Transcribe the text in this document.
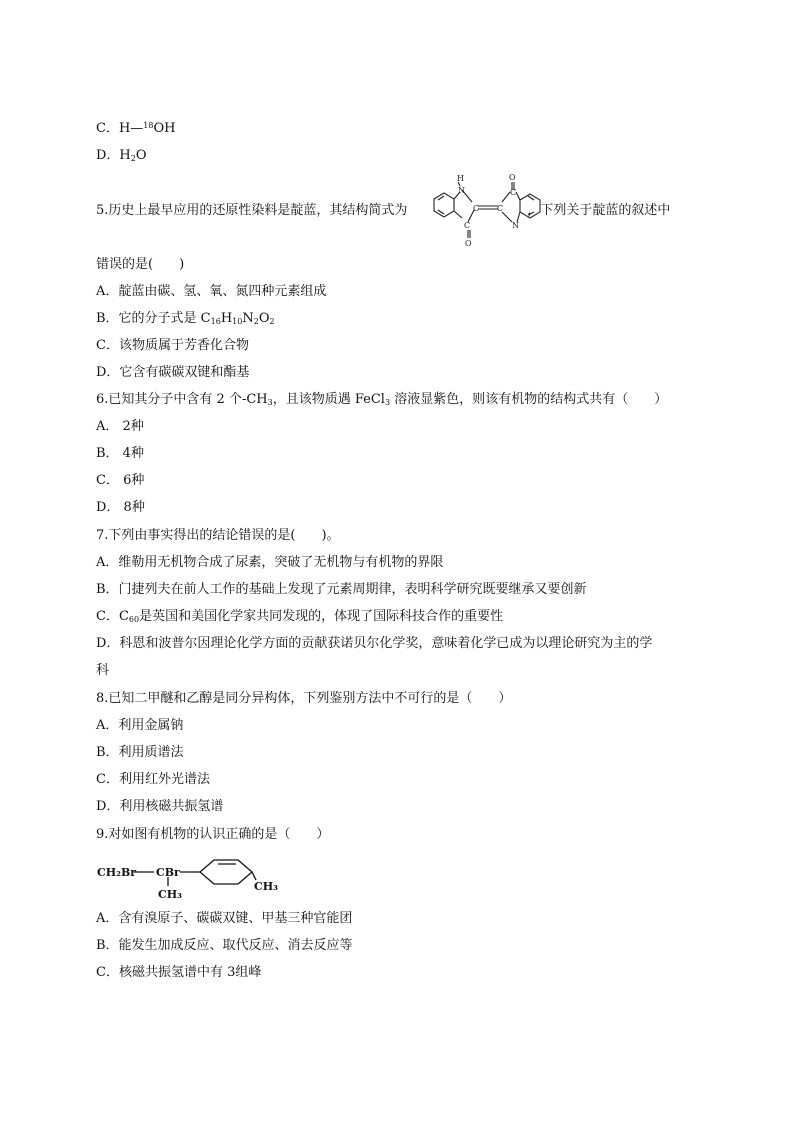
C．H—$^{18}$OH
D．$H_2O$
5.历史上最早应用的还原性染料是靛蓝，其结构简式为	，下列关于靛蓝的叙述中
H
N
C
C
O
C
C
O
N
错误的是(　　)
A．靛蓝由碳、氢、氧、氮四种元素组成
B．它的分子式是 $C_{16}H_{10}N_2O_2$
C．该物质属于芳香化合物
D．它含有碳碳双键和酯基
6.已知其分子中含有 2 个$-CH_3$，且该物质遇 FeCl$_3$ 溶液显紫色，则该有机物的结构式共有（　　）
A． 2种
B． 4种
C． 6种
D． 8种
7.下列由事实得出的结论错误的是(　　)。
A．维勒用无机物合成了尿素，突破了无机物与有机物的界限
B．门捷列夫在前人工作的基础上发现了元素周期律，表明科学研究既要继承又要创新
C．$C_{60}$是英国和美国化学家共同发现的，体现了国际科技合作的重要性
D．科恩和波普尔因理论化学方面的贡献获诺贝尔化学奖，意味着化学已成为以理论研究为主的学
科
8.已知二甲醚和乙醇是同分异构体，下列鉴别方法中不可行的是（　　）
A．利用金属钠
B．利用质谱法
C．利用红外光谱法
D．利用核磁共振氢谱
9.对如图有机物的认识正确的是（　　）
CH₂Br CBr
CH₃
CH₃
A．含有溴原子、碳碳双键、甲基三种官能团
B．能发生加成反应、取代反应、消去反应等
C．核磁共振氢谱中有 3组峰
